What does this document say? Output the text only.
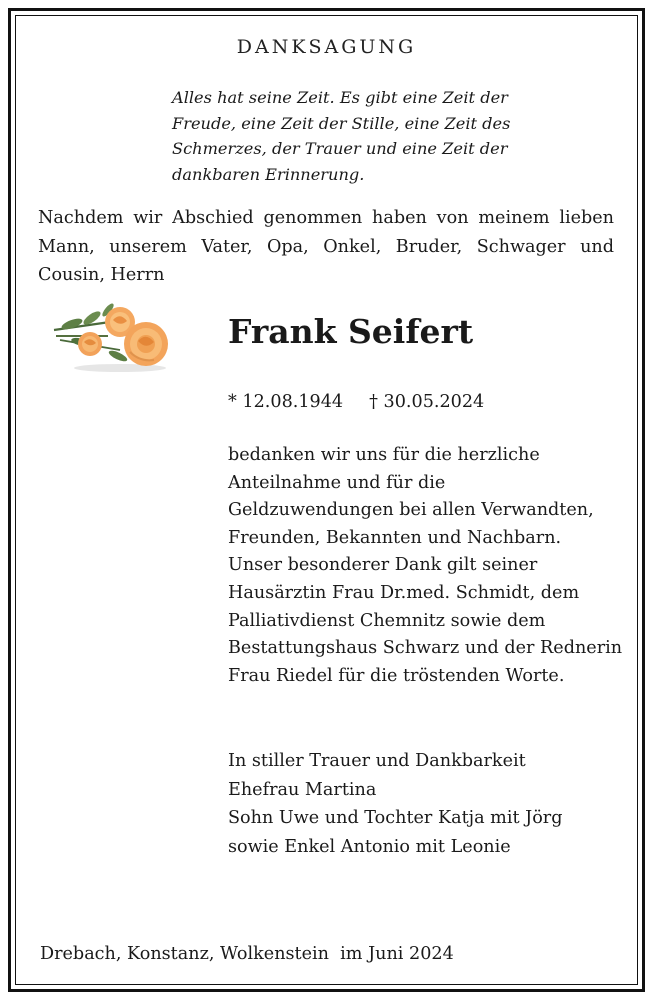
DANKSAGUNG

Alles hat seine Zeit. Es gibt eine Zeit der
Freude, eine Zeit der Stille, eine Zeit des
Schmerzes, der Trauer und eine Zeit der
dankbaren Erinnerung.

Nachdem wir Abschied genommen haben von meinem lieben
Mann, unserem Vater, Opa, Onkel, Bruder, Schwager und
Cousin, Herrn

Frank Seifert
* 12.08.1944 † 30.05.2024

bedanken wir uns für die herzliche
Anteilnahme und für die
Geldzuwendungen bei allen Verwandten,
Freunden, Bekannten und Nachbarn.
Unser besonderer Dank gilt seiner
Hausärztin Frau Dr.med. Schmidt, dem
Palliativdienst Chemnitz sowie dem
Bestattungshaus Schwarz und der Rednerin
Frau Riedel für die tröstenden Worte.

In stiller Trauer und Dankbarkeit
Ehefrau Martina
Sohn Uwe und Tochter Katja mit Jörg
sowie Enkel Antonio mit Leonie

Drebach, Konstanz, Wolkenstein  im Juni 2024
